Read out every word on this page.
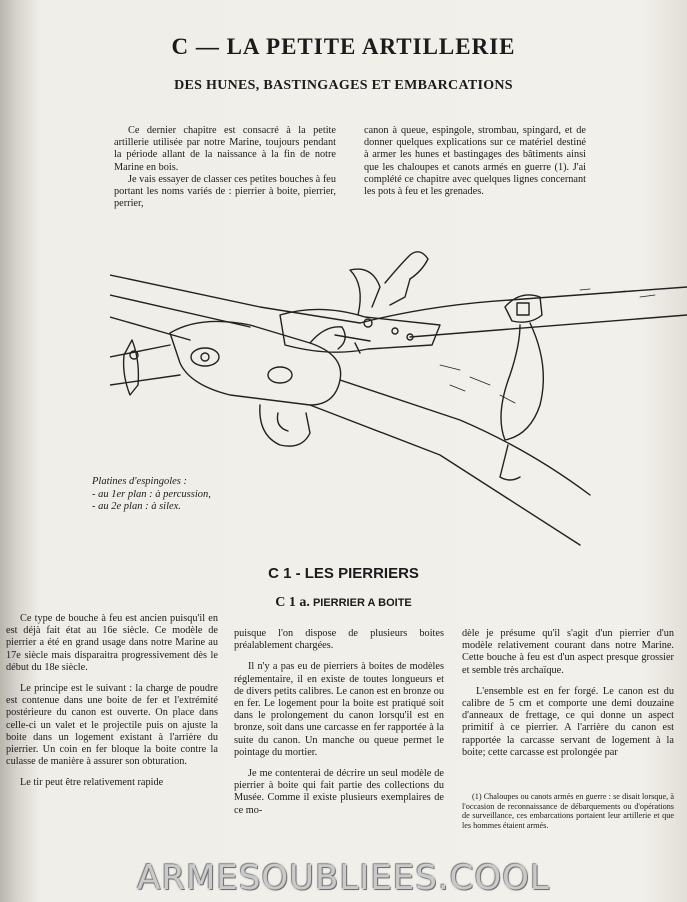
C — LA PETITE ARTILLERIE
DES HUNES, BASTINGAGES ET EMBARCATIONS

Ce dernier chapitre est consacré à la petite artillerie utilisée par notre Marine, toujours pendant la période allant de la naissance à la fin de notre Marine en bois.

Je vais essayer de classer ces petites bouches à feu portant les noms variés de : pierrier à boite, pierrier, perrier,

canon à queue, espingole, strombau, spingard, et de donner quelques explications sur ce matériel destiné à armer les hunes et bastingages des bâtiments ainsi que les chaloupes et canots armés en guerre (1). J'ai complété ce chapitre avec quelques lignes concernant les pots à feu et les grenades.

Platines d'espingoles :
- au 1er plan : à percussion,
- au 2e plan : à silex.
C 1 - LES PIERRIERS
C 1 a. PIERRIER A BOITE

Ce type de bouche à feu est ancien puisqu'il en est déjà fait état au 16e siècle. Ce modèle de pierrier a été en grand usage dans notre Marine au 17e siècle mais disparaitra progressivement dès le début du 18e siècle.

Le principe est le suivant : la charge de poudre est contenue dans une boite de fer et l'extrémité postérieure du canon est ouverte. On place dans celle-ci un valet et le projectile puis on ajuste la boite dans un logement existant à l'arrière du pierrier. Un coin en fer bloque la boite contre la culasse de manière à assurer son obturation.

Le tir peut être relativement rapide

puisque l'on dispose de plusieurs boites préalablement chargées.

Il n'y a pas eu de pierriers à boites de modèles réglementaire, il en existe de toutes longueurs et de divers petits calibres. Le canon est en bronze ou en fer. Le logement pour la boite est pratiqué soit dans le prolongement du canon lorsqu'il est en bronze, soit dans une carcasse en fer rapportée à la suite du canon. Un manche ou queue permet le pointage du mortier.

Je me contenterai de décrire un seul modèle de pierrier à boite qui fait partie des collections du Musée. Comme il existe plusieurs exemplaires de ce mo-

dèle je présume qu'il s'agit d'un pierrier d'un modèle relativement courant dans notre Marine. Cette bouche à feu est d'un aspect presque grossier et semble très archaïque.

L'ensemble est en fer forgé. Le canon est du calibre de 5 cm et comporte une demi douzaine d'anneaux de frettage, ce qui donne un aspect primitif à ce pierrier. A l'arrière du canon est rapportée la carcasse servant de logement à la boite; cette carcasse est prolongée par

(1) Chaloupes ou canots armés en guerre : se disait lorsque, à l'occasion de reconnaissance de débarquements ou d'opérations de surveillance, ces embarcations portaient leur artillerie et que les hommes étaient armés.

ARMESOUBLIEES.COOL
